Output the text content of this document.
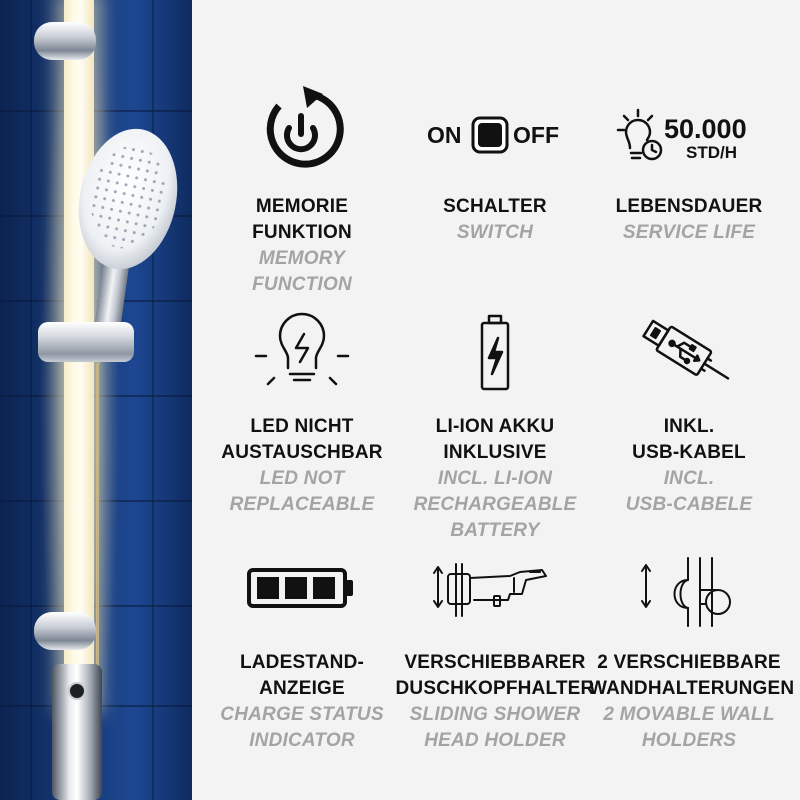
MEMORIE
FUNKTION
MEMORY
FUNCTION
ON OFF
SCHALTER
SWITCH
50.000
STD/H
LEBENSDAUER
SERVICE LIFE
LED NICHT
AUSTAUSCHBAR
LED NOT
REPLACEABLE
LI-ION AKKU
INKLUSIVE
INCL. LI-ION
RECHARGEABLE
BATTERY
INKL.
USB-KABEL
INCL.
USB-CABELE
LADESTAND-
ANZEIGE
CHARGE STATUS
INDICATOR
VERSCHIEBBARER
DUSCHKOPFHALTER
SLIDING SHOWER
HEAD HOLDER
2 VERSCHIEBBARE
WANDHALTERUNGEN
2 MOVABLE WALL
HOLDERS
